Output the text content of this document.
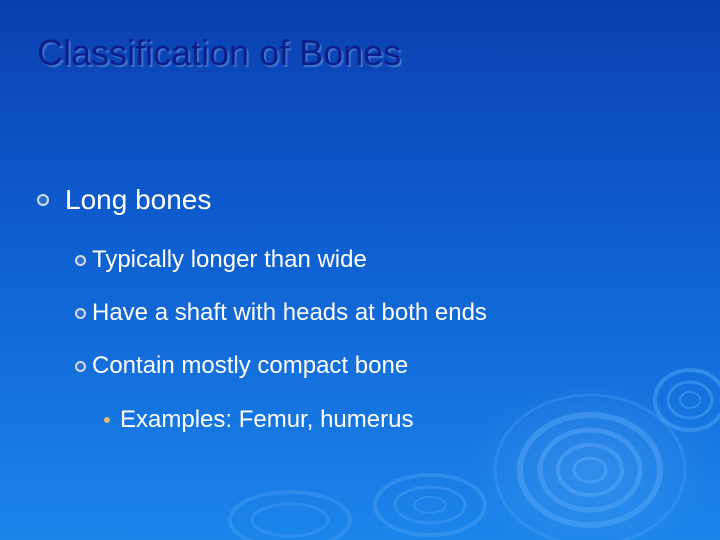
Classification of Bones
Long bones
Typically longer than wide
Have a shaft with heads at both ends
Contain mostly compact bone
Examples: Femur, humerus
